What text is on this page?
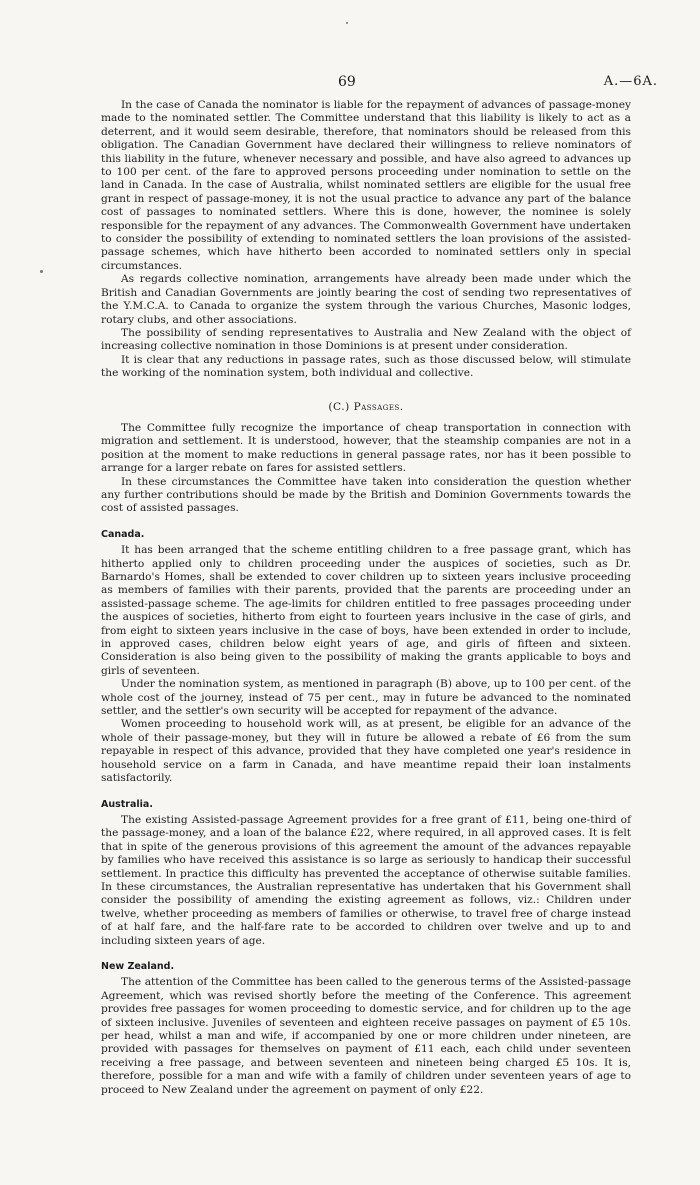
69	A.—6A.

In the case of Canada the nominator is liable for the repayment of advances of passage-money made to the nominated settler. The Committee understand that this liability is likely to act as a deterrent, and it would seem desirable, therefore, that nominators should be released from this obligation. The Canadian Government have declared their willingness to relieve nominators of this liability in the future, whenever necessary and possible, and have also agreed to advances up to 100 per cent. of the fare to approved persons proceeding under nomination to settle on the land in Canada. In the case of Australia, whilst nominated settlers are eligible for the usual free grant in respect of passage-money, it is not the usual practice to advance any part of the balance cost of passages to nominated settlers. Where this is done, however, the nominee is solely responsible for the repayment of any advances. The Commonwealth Government have undertaken to consider the possibility of extending to nominated settlers the loan provisions of the assisted-passage schemes, which have hitherto been accorded to nominated settlers only in special circumstances.

As regards collective nomination, arrangements have already been made under which the British and Canadian Governments are jointly bearing the cost of sending two representatives of the Y.M.C.A. to Canada to organize the system through the various Churches, Masonic lodges, rotary clubs, and other associations.

The possibility of sending representatives to Australia and New Zealand with the object of increasing collective nomination in those Dominions is at present under consideration.

It is clear that any reductions in passage rates, such as those discussed below, will stimulate the working of the nomination system, both individual and collective.

(C.) Passages.

The Committee fully recognize the importance of cheap transportation in connection with migration and settlement. It is understood, however, that the steamship companies are not in a position at the moment to make reductions in general passage rates, nor has it been possible to arrange for a larger rebate on fares for assisted settlers.

In these circumstances the Committee have taken into consideration the question whether any further contributions should be made by the British and Dominion Governments towards the cost of assisted passages.

Canada.

It has been arranged that the scheme entitling children to a free passage grant, which has hitherto applied only to children proceeding under the auspices of societies, such as Dr. Barnardo's Homes, shall be extended to cover children up to sixteen years inclusive proceeding as members of families with their parents, provided that the parents are proceeding under an assisted-passage scheme. The age-limits for children entitled to free passages proceeding under the auspices of societies, hitherto from eight to fourteen years inclusive in the case of girls, and from eight to sixteen years inclusive in the case of boys, have been extended in order to include, in approved cases, children below eight years of age, and girls of fifteen and sixteen. Consideration is also being given to the possibility of making the grants applicable to boys and girls of seventeen.

Under the nomination system, as mentioned in paragraph (B) above, up to 100 per cent. of the whole cost of the journey, instead of 75 per cent., may in future be advanced to the nominated settler, and the settler's own security will be accepted for repayment of the advance.

Women proceeding to household work will, as at present, be eligible for an advance of the whole of their passage-money, but they will in future be allowed a rebate of £6 from the sum repayable in respect of this advance, provided that they have completed one year's residence in household service on a farm in Canada, and have meantime repaid their loan instalments satisfactorily.

Australia.

The existing Assisted-passage Agreement provides for a free grant of £11, being one-third of the passage-money, and a loan of the balance £22, where required, in all approved cases. It is felt that in spite of the generous provisions of this agreement the amount of the advances repayable by families who have received this assistance is so large as seriously to handicap their successful settlement. In practice this difficulty has prevented the acceptance of otherwise suitable families. In these circumstances, the Australian representative has undertaken that his Government shall consider the possibility of amending the existing agreement as follows, viz.: Children under twelve, whether proceeding as members of families or otherwise, to travel free of charge instead of at half fare, and the half-fare rate to be accorded to children over twelve and up to and including sixteen years of age.

New Zealand.

The attention of the Committee has been called to the generous terms of the Assisted-passage Agreement, which was revised shortly before the meeting of the Conference. This agreement provides free passages for women proceeding to domestic service, and for children up to the age of sixteen inclusive. Juveniles of seventeen and eighteen receive passages on payment of £5 10s. per head, whilst a man and wife, if accompanied by one or more children under nineteen, are provided with passages for themselves on payment of £11 each, each child under seventeen receiving a free passage, and between seventeen and nineteen being charged £5 10s. It is, therefore, possible for a man and wife with a family of children under seventeen years of age to proceed to New Zealand under the agreement on payment of only £22.
